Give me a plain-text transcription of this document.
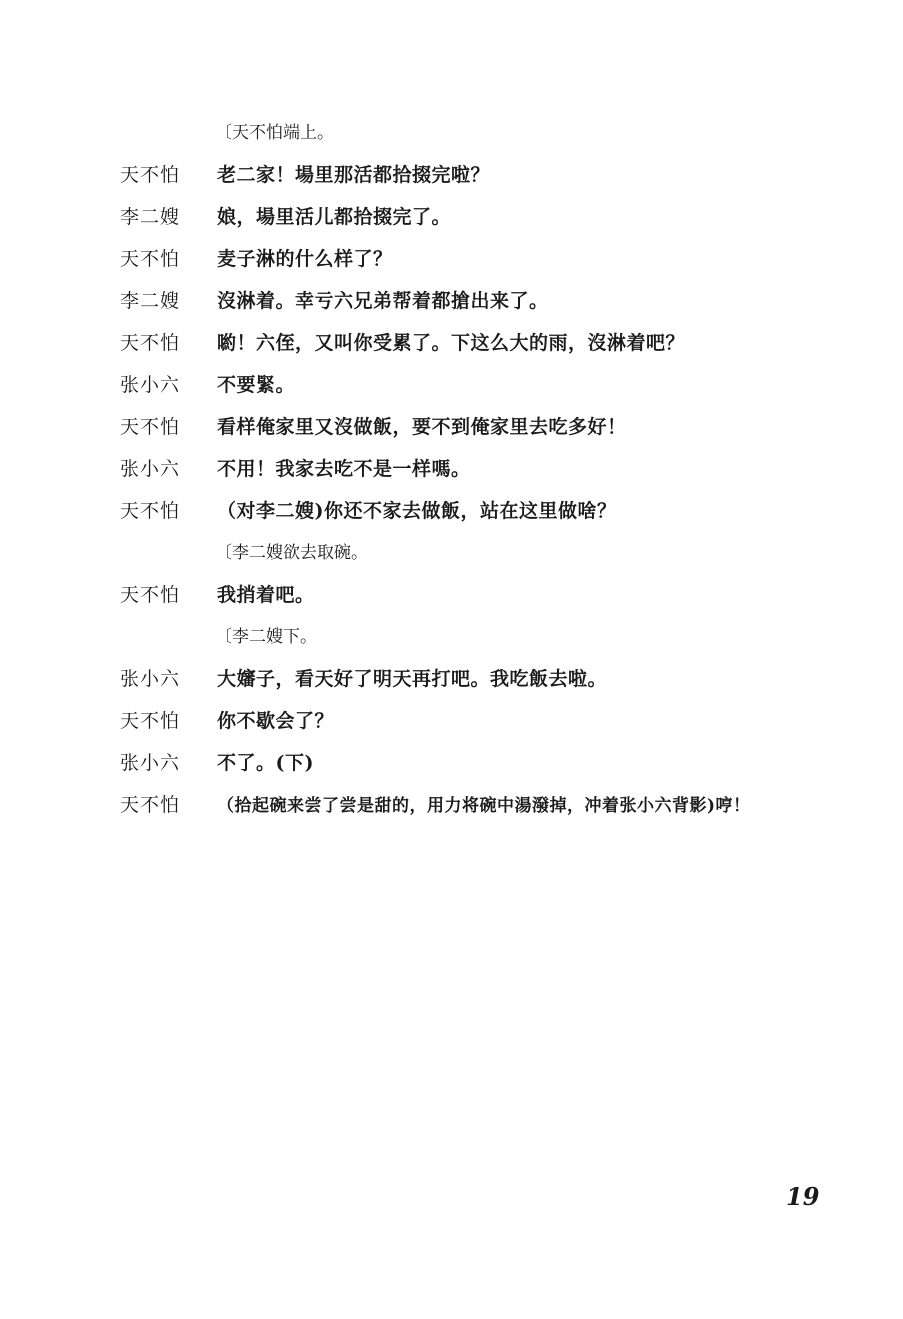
〔天不怕端上。
天不怕	老二家！場里那活都拾掇完啦？
李二嫂	娘，場里活儿都拾掇完了。
天不怕	麦子淋的什么样了？
李二嫂	沒淋着。幸亏六兄弟帮着都搶出来了。
天不怕	喲！六侄，又叫你受累了。下这么大的雨，沒淋着吧？
张小六	不要緊。
天不怕	看样俺家里又沒做飯，要不到俺家里去吃多好！
张小六	不用！我家去吃不是一样嗎。
天不怕	（对李二嫂)你还不家去做飯，站在这里做啥？
〔李二嫂欲去取碗。
天不怕	我捎着吧。
〔李二嫂下。
张小六	大嬸子，看天好了明天再打吧。我吃飯去啦。
天不怕	你不歇会了？
张小六	不了。(下)
天不怕	（拾起碗来尝了尝是甜的，用力将碗中湯潑掉，冲着张小六背影)哼！
19
